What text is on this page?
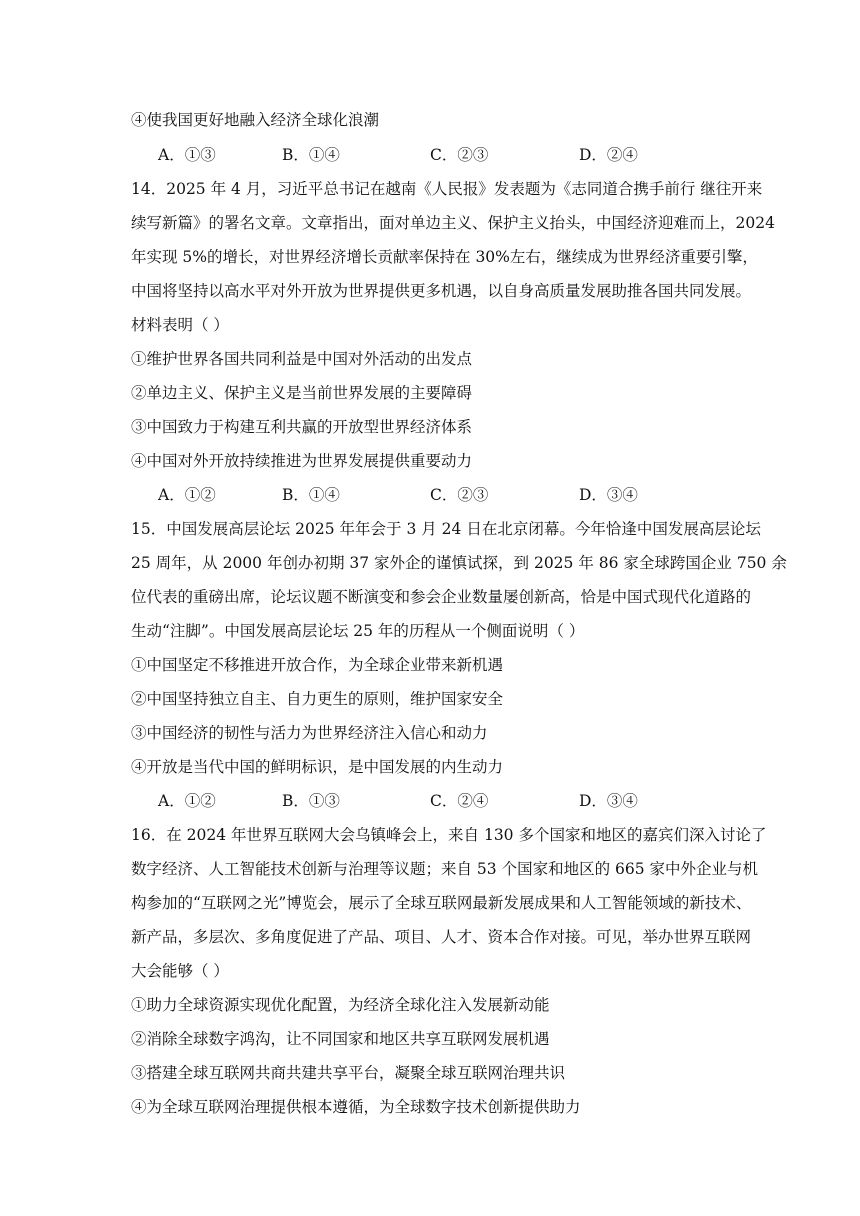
④使我国更好地融入经济全球化浪潮
A．①③	B．①④	C．②③	D．②④
14．2025 年 4 月，习近平总书记在越南《人民报》发表题为《志同道合携手前行 继往开来
续写新篇》的署名文章。文章指出，面对单边主义、保护主义抬头，中国经济迎难而上，2024
年实现 5%的增长，对世界经济增长贡献率保持在 30%左右，继续成为世界经济重要引擎，
中国将坚持以高水平对外开放为世界提供更多机遇，以自身高质量发展助推各国共同发展。
材料表明（ ）
①维护世界各国共同利益是中国对外活动的出发点
②单边主义、保护主义是当前世界发展的主要障碍
③中国致力于构建互利共赢的开放型世界经济体系
④中国对外开放持续推进为世界发展提供重要动力
A．①②	B．①④	C．②③	D．③④
15．中国发展高层论坛 2025 年年会于 3 月 24 日在北京闭幕。今年恰逢中国发展高层论坛
25 周年，从 2000 年创办初期 37 家外企的谨慎试探，到 2025 年 86 家全球跨国企业 750 余
位代表的重磅出席，论坛议题不断演变和参会企业数量屡创新高，恰是中国式现代化道路的
生动“注脚”。中国发展高层论坛 25 年的历程从一个侧面说明（ ）
①中国坚定不移推进开放合作，为全球企业带来新机遇
②中国坚持独立自主、自力更生的原则，维护国家安全
③中国经济的韧性与活力为世界经济注入信心和动力
④开放是当代中国的鲜明标识，是中国发展的内生动力
A．①②	B．①③	C．②④	D．③④
16．在 2024 年世界互联网大会乌镇峰会上，来自 130 多个国家和地区的嘉宾们深入讨论了
数字经济、人工智能技术创新与治理等议题；来自 53 个国家和地区的 665 家中外企业与机
构参加的“互联网之光”博览会，展示了全球互联网最新发展成果和人工智能领域的新技术、
新产品，多层次、多角度促进了产品、项目、人才、资本合作对接。可见，举办世界互联网
大会能够（ ）
①助力全球资源实现优化配置，为经济全球化注入发展新动能
②消除全球数字鸿沟，让不同国家和地区共享互联网发展机遇
③搭建全球互联网共商共建共享平台，凝聚全球互联网治理共识
④为全球互联网治理提供根本遵循，为全球数字技术创新提供助力
